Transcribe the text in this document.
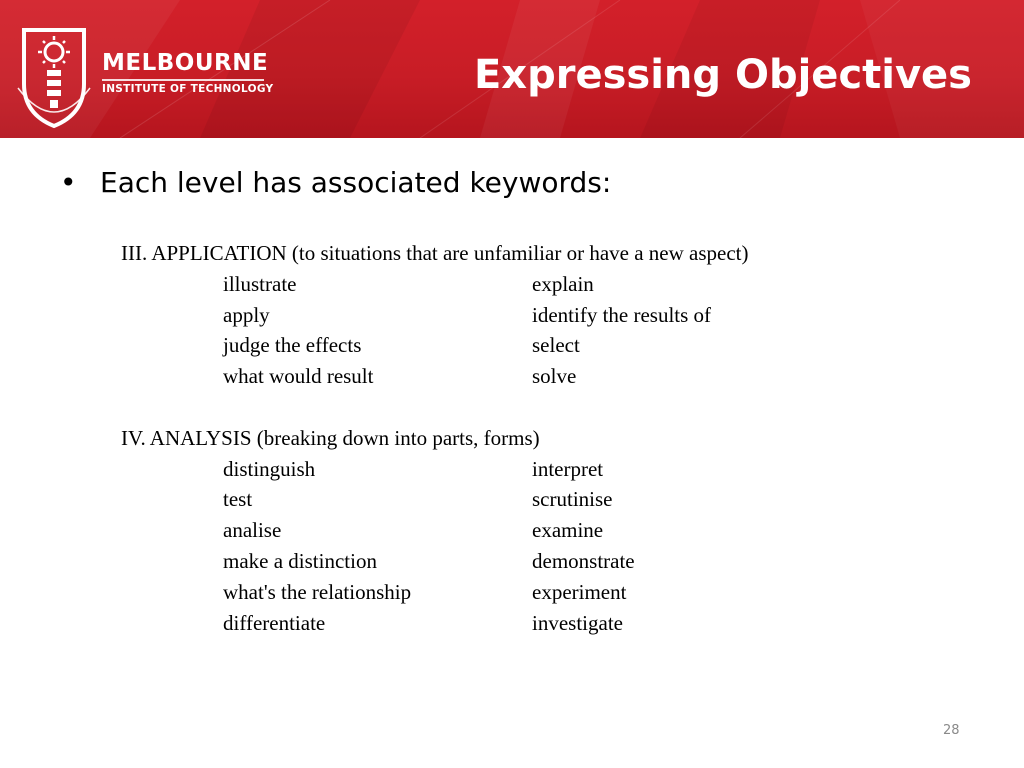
MELBOURNE
INSTITUTE OF TECHNOLOGY	Expressing Objectives
• Each level has associated keywords:
III. APPLICATION (to situations that are unfamiliar or have a new aspect)
illustrate	explain
apply	identify the results of
judge the effects	select
what would result	solve
IV. ANALYSIS (breaking down into parts, forms)
distinguish	interpret
test	scrutinise
analise	examine
make a distinction	demonstrate
what's the relationship	experiment
differentiate	investigate
28
